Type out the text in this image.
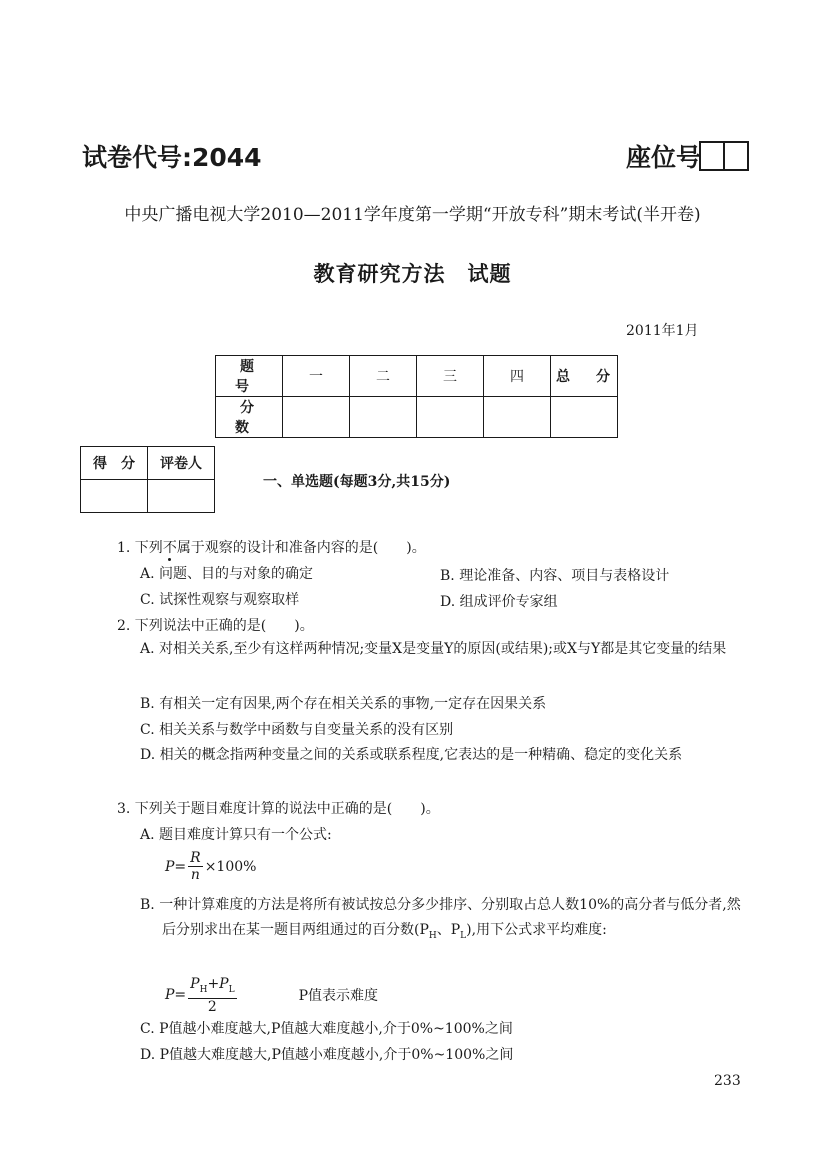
试卷代号:2044	座位号
中央广播电视大学2010—2011学年度第一学期“开放专科”期末考试(半开卷)
教育研究方法　试题
2011年1月
题　号	一	二	三	四	总　分
分　数					
得　分	评卷人

一、单选题(每题3分,共15分)
1. 下列不属于观察的设计和准备内容的是(　　)。
A. 问题、目的与对象的确定	B. 理论准备、内容、项目与表格设计
C. 试探性观察与观察取样	D. 组成评价专家组
2. 下列说法中正确的是(　　)。
A. 对相关关系,至少有这样两种情况;变量X是变量Y的原因(或结果);或X与Y都是其它变量的结果
B. 有相关一定有因果,两个存在相关关系的事物,一定存在因果关系
C. 相关关系与数学中函数与自变量关系的没有区别
D. 相关的概念指两种变量之间的关系或联系程度,它表达的是一种精确、稳定的变化关系
3. 下列关于题目难度计算的说法中正确的是(　　)。
A. 题目难度计算只有一个公式:
$P= \frac{R}{n} \times 100\%$
B. 一种计算难度的方法是将所有被试按总分多少排序、分别取占总人数10%的高分者与低分者,然后分别求出在某一题目两组通过的百分数($P_H$、$P_L$),用下公式求平均难度:
$P= \frac{P_H+P_L}{2}$	P值表示难度
C. P值越小难度越大,P值越大难度越小,介于0%~100%之间
D. P值越大难度越大,P值越小难度越小,介于0%~100%之间
233
